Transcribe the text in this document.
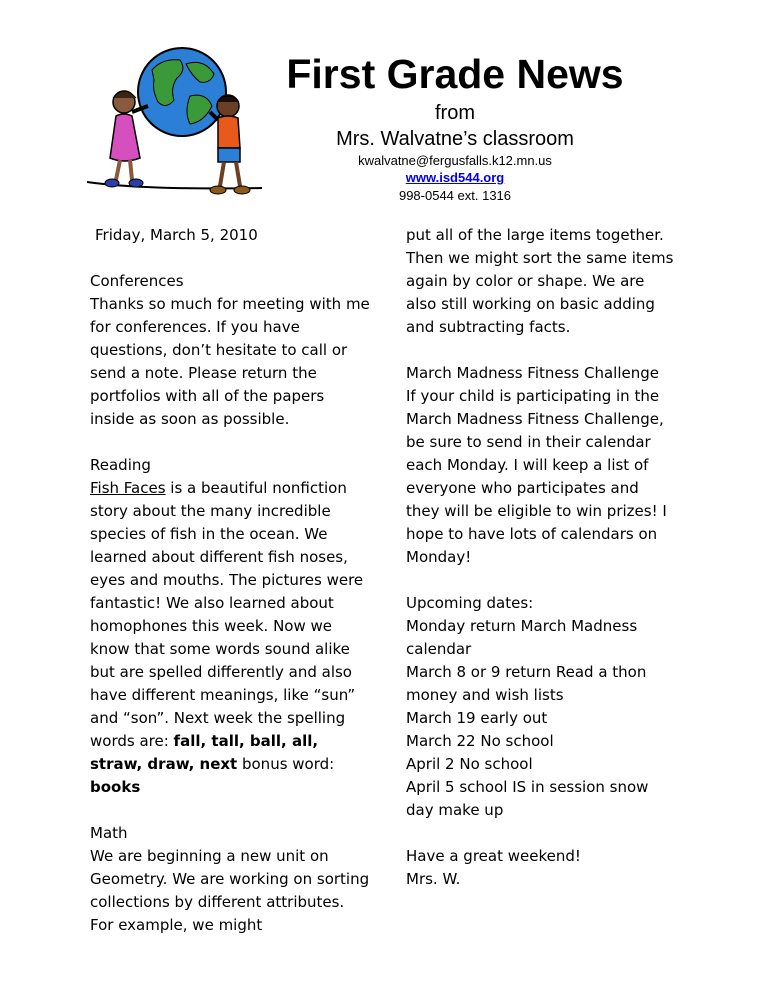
First Grade News
from
Mrs. Walvatne’s classroom
kwalvatne@fergusfalls.k12.mn.us
www.isd544.org
998-0544 ext. 1316
Friday, March 5, 2010
Conferences
Thanks so much for meeting with me for conferences. If you have questions, don’t hesitate to call or send a note. Please return the portfolios with all of the papers inside as soon as possible.
Reading
Fish Faces is a beautiful nonfiction story about the many incredible species of fish in the ocean. We learned about different fish noses, eyes and mouths. The pictures were fantastic! We also learned about homophones this week. Now we know that some words sound alike but are spelled differently and also have different meanings, like “sun” and “son”. Next week the spelling words are: fall, tall, ball, all, straw, draw, next bonus word: books
Math
We are beginning a new unit on Geometry. We are working on sorting collections by different attributes. For example, we might
put all of the large items together. Then we might sort the same items again by color or shape. We are also still working on basic adding and subtracting facts.
March Madness Fitness Challenge
If your child is participating in the March Madness Fitness Challenge, be sure to send in their calendar each Monday. I will keep a list of everyone who participates and they will be eligible to win prizes! I hope to have lots of calendars on Monday!
Upcoming dates:
Monday return March Madness calendar
March 8 or 9 return Read a thon money and wish lists
March 19 early out
March 22 No school
April 2 No school
April 5 school IS in session snow day make up
Have a great weekend!
Mrs. W.
